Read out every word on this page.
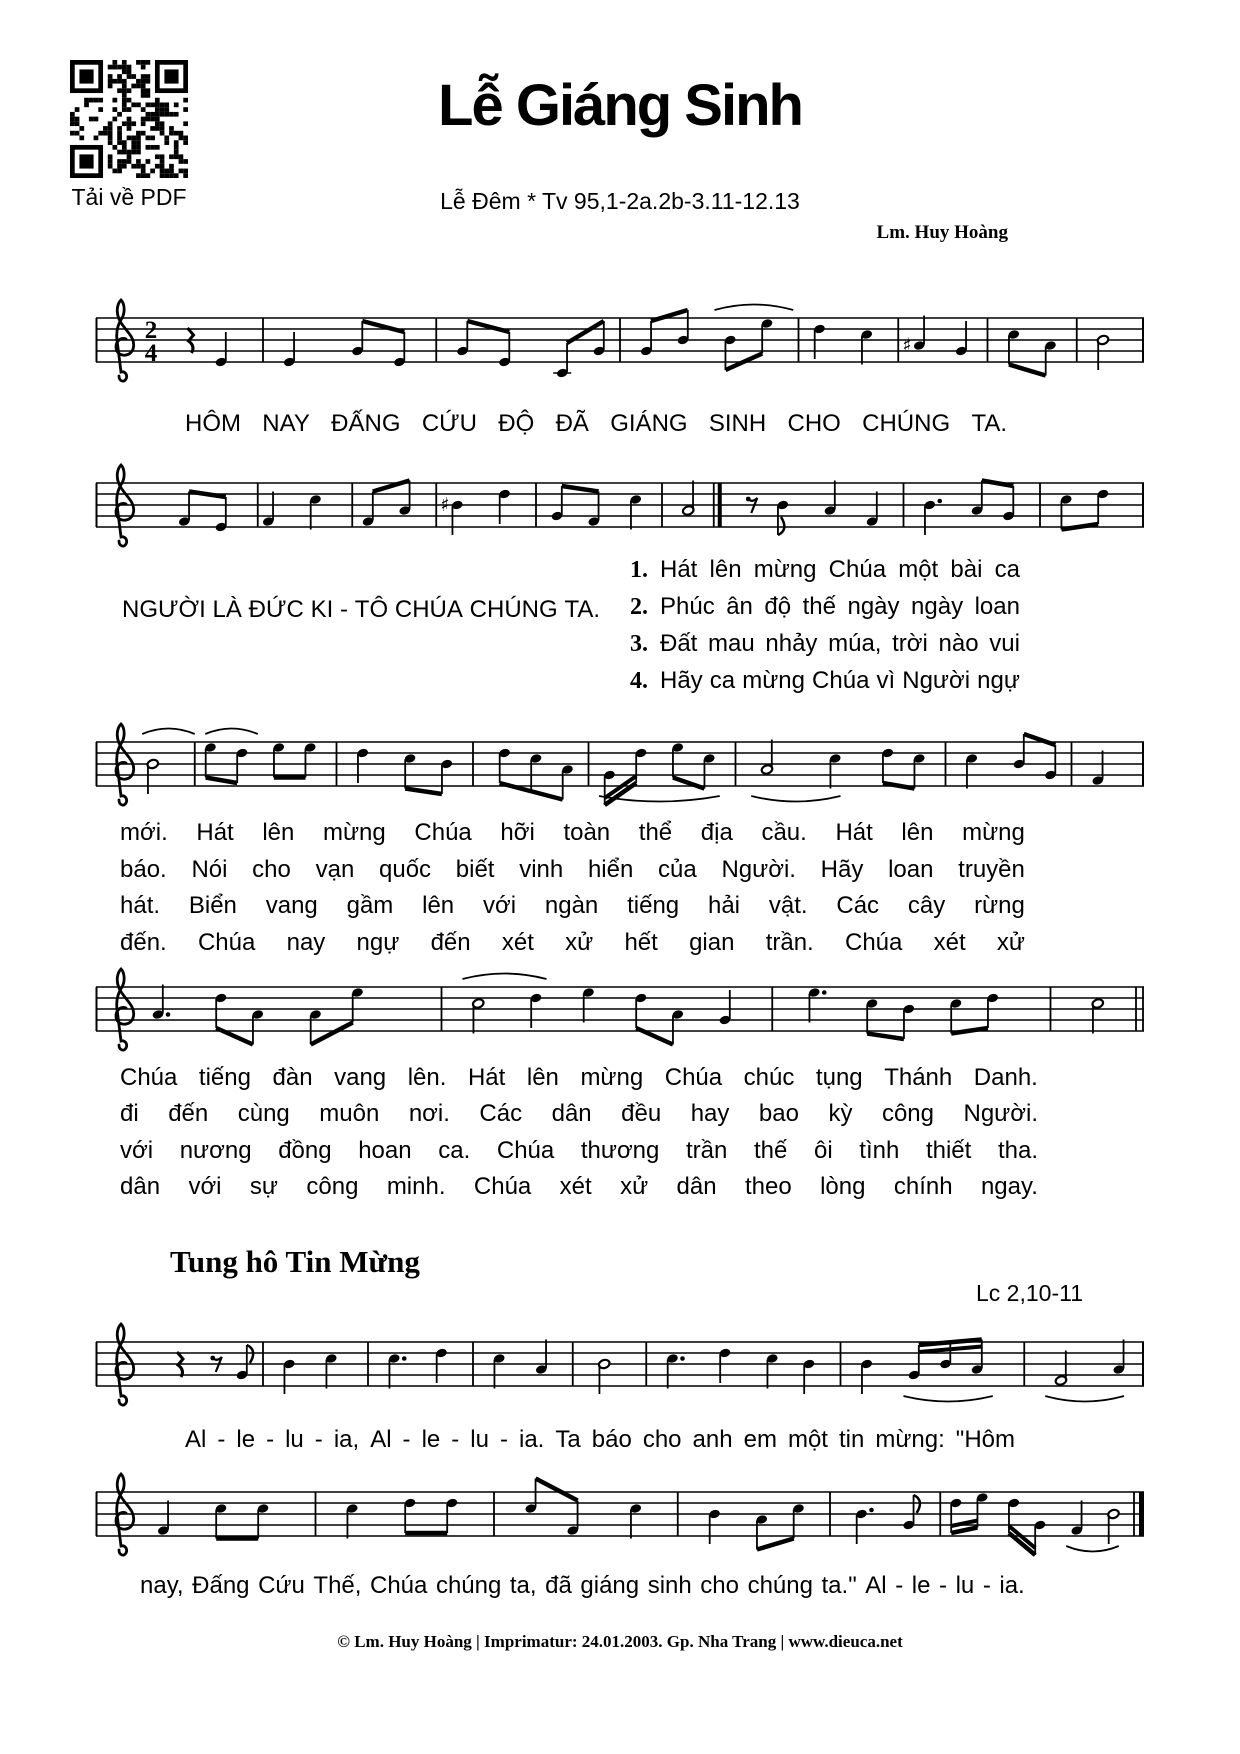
Tải về PDF
Lễ Giáng Sinh
Lễ Đêm * Tv 95,1-2a.2b-3.11-12.13
Lm. Huy Hoàng
2
4	♯
HÔM NAY ĐẤNG CỨU ĐỘ ĐÃ GIÁNG SINH CHO CHÚNG TA.
♯
NGƯỜI LÀ ĐỨC KI - TÔ CHÚA CHÚNG TA.
1. Hát lên mừng Chúa một bài ca
2. Phúc ân độ thế ngày ngày loan
3. Đất mau nhảy múa, trời nào vui
4. Hãy ca mừng Chúa vì Người ngự
mới. Hát lên mừng Chúa hỡi toàn thể địa cầu. Hát lên mừng
báo. Nói cho vạn quốc biết vinh hiển của Người. Hãy loan truyền
hát. Biển vang gầm lên với ngàn tiếng hải vật. Các cây rừng
đến. Chúa nay ngự đến xét xử hết gian trần. Chúa xét xử
Chúa tiếng đàn vang lên. Hát lên mừng Chúa chúc tụng Thánh Danh.
đi đến cùng muôn nơi. Các dân đều hay bao kỳ công Người.
với nương đồng hoan ca. Chúa thương trần thế ôi tình thiết tha.
dân với sự công minh. Chúa xét xử dân theo lòng chính ngay.
Tung hô Tin Mừng
Lc 2,10-11
Al - le - lu - ia, Al - le - lu - ia. Ta báo cho anh em một tin mừng: "Hôm
nay, Đấng Cứu Thế, Chúa chúng ta, đã giáng sinh cho chúng ta." Al - le - lu - ia.
© Lm. Huy Hoàng | Imprimatur: 24.01.2003. Gp. Nha Trang | www.dieuca.net
